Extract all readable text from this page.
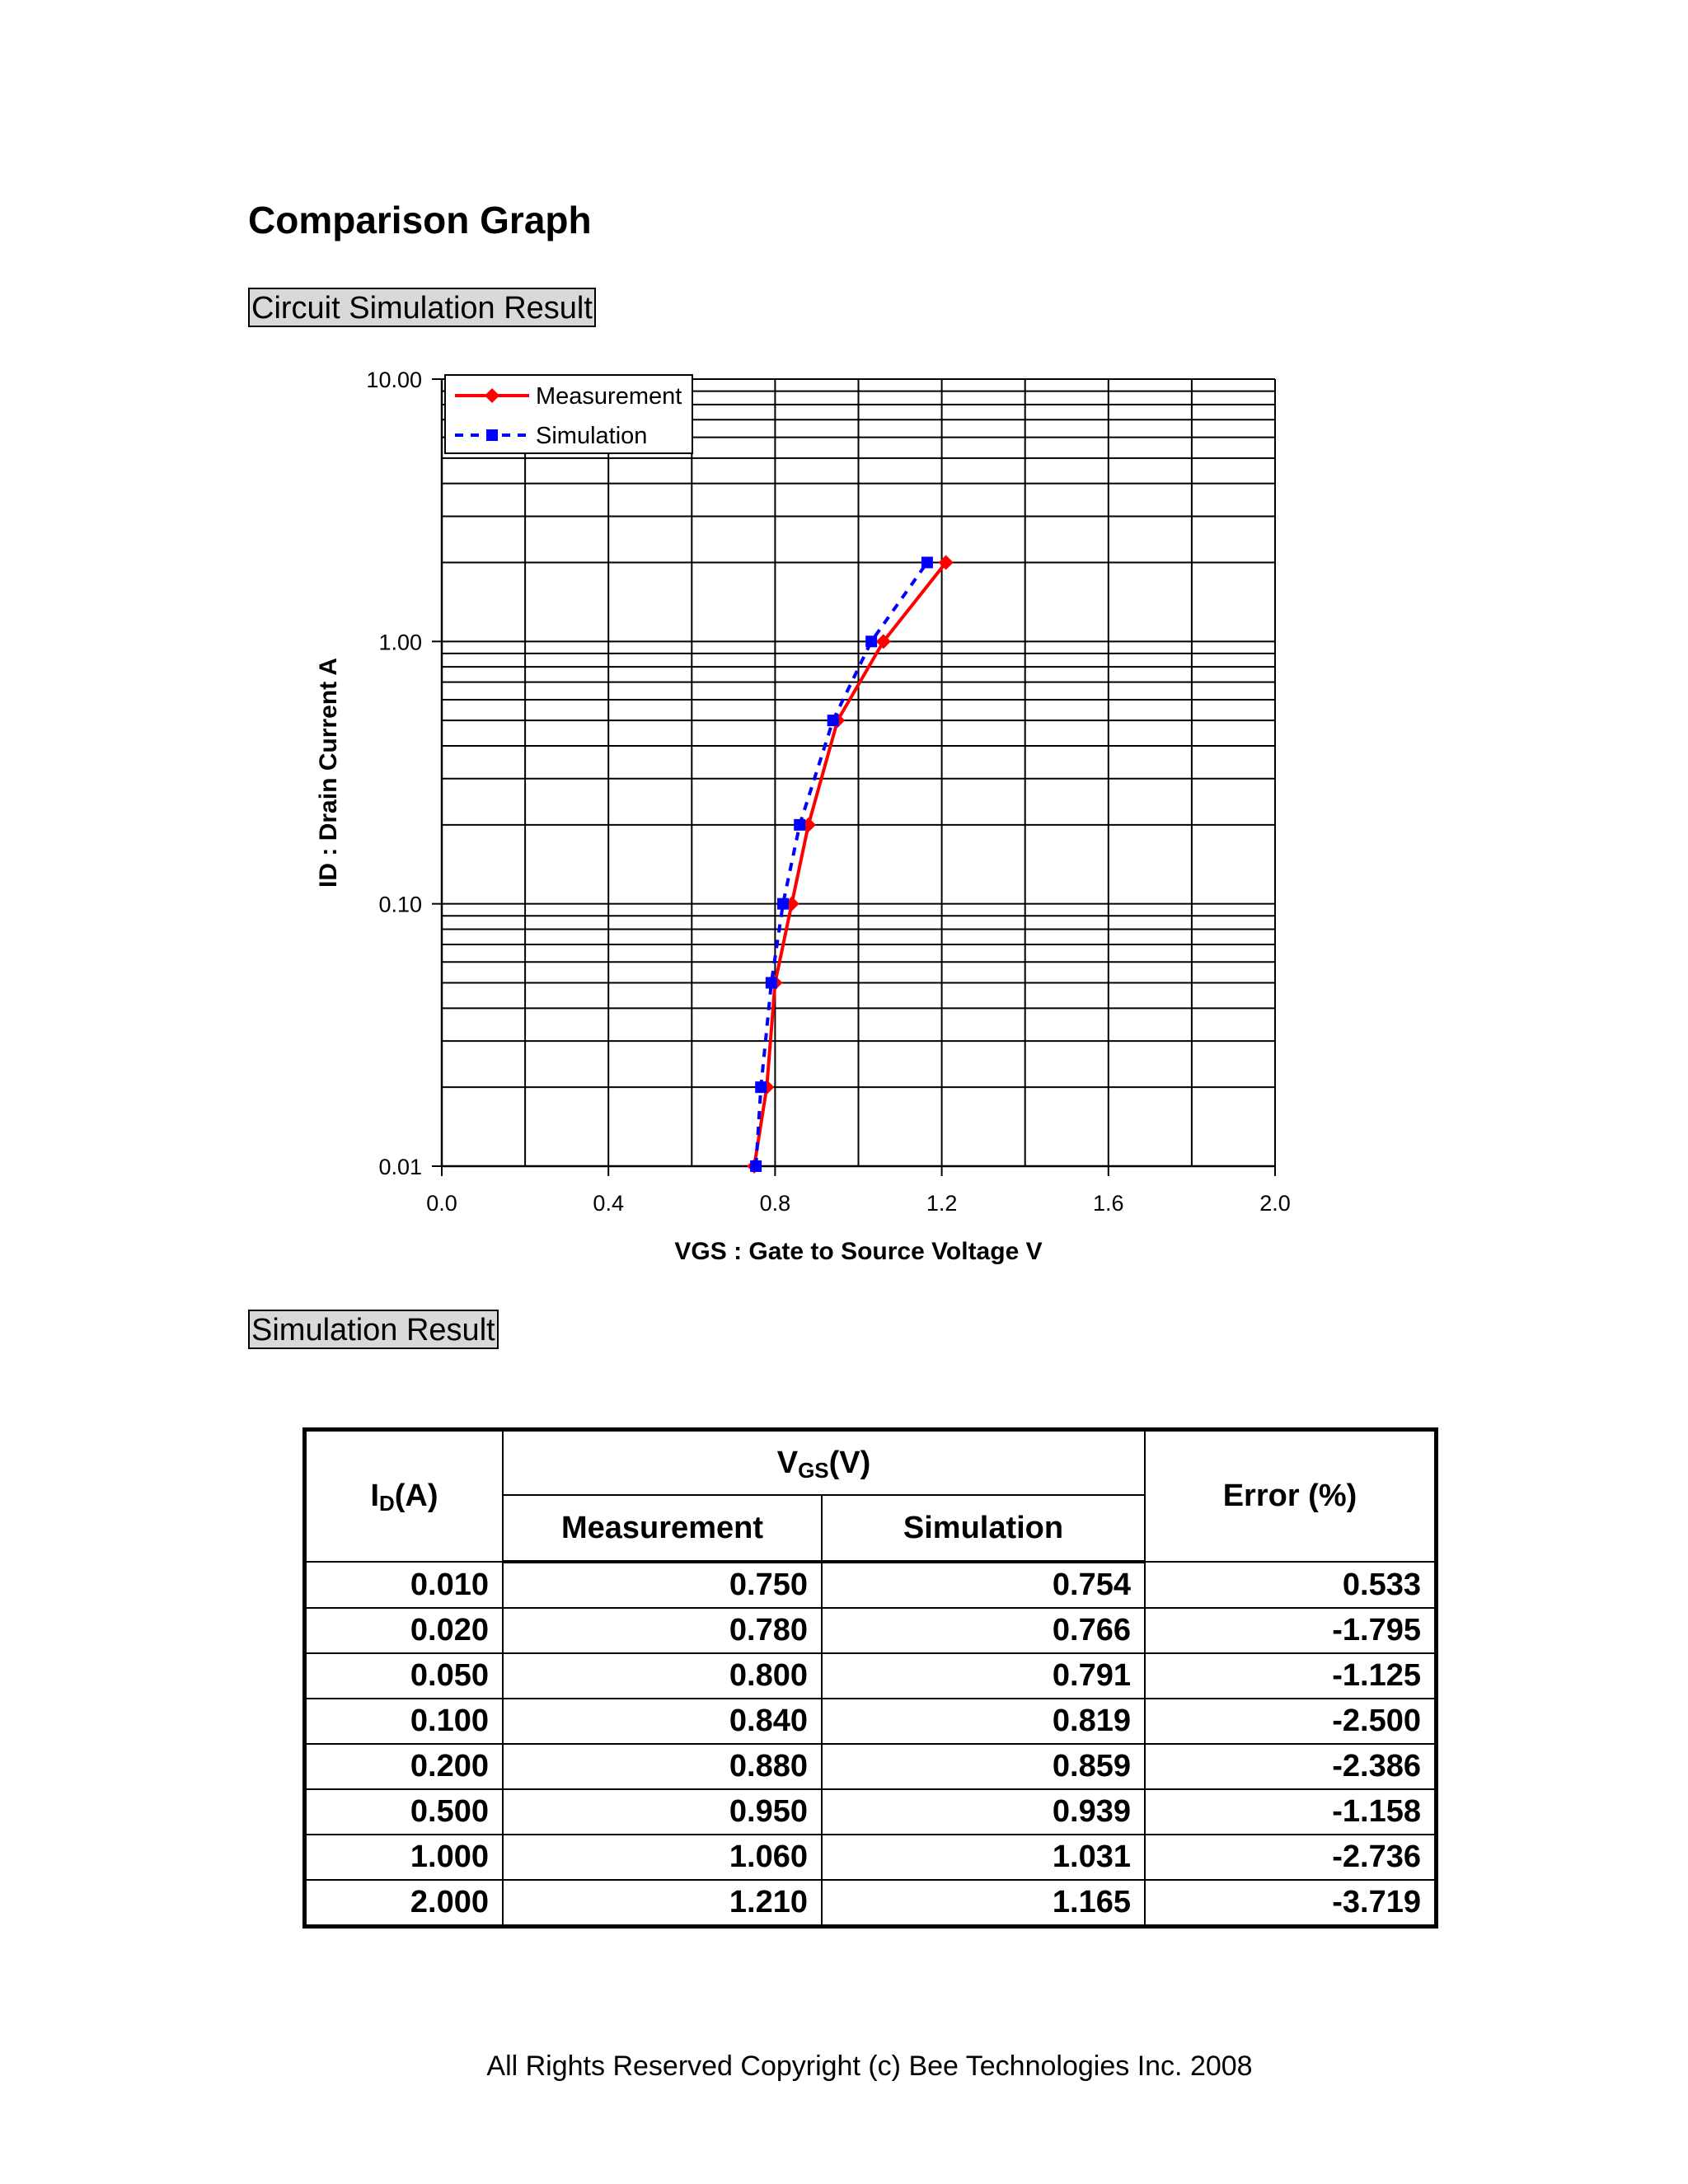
Comparison Graph
Circuit Simulation Result
0.0	0.4	0.8	1.2	1.6	2.0
0.01
0.10
1.00
10.00
VGS : Gate to Source Voltage V
ID : Drain Current A
Measurement
Simulation
Simulation Result
$I_D(A)$	$V_{GS}(V)$		Error (%)
	Measurement	Simulation	
0.010	0.750	0.754	0.533
0.020	0.780	0.766	-1.795
0.050	0.800	0.791	-1.125
0.100	0.840	0.819	-2.500
0.200	0.880	0.859	-2.386
0.500	0.950	0.939	-1.158
1.000	1.060	1.031	-2.736
2.000	1.210	1.165	-3.719
All Rights Reserved Copyright (c) Bee Technologies Inc. 2008
